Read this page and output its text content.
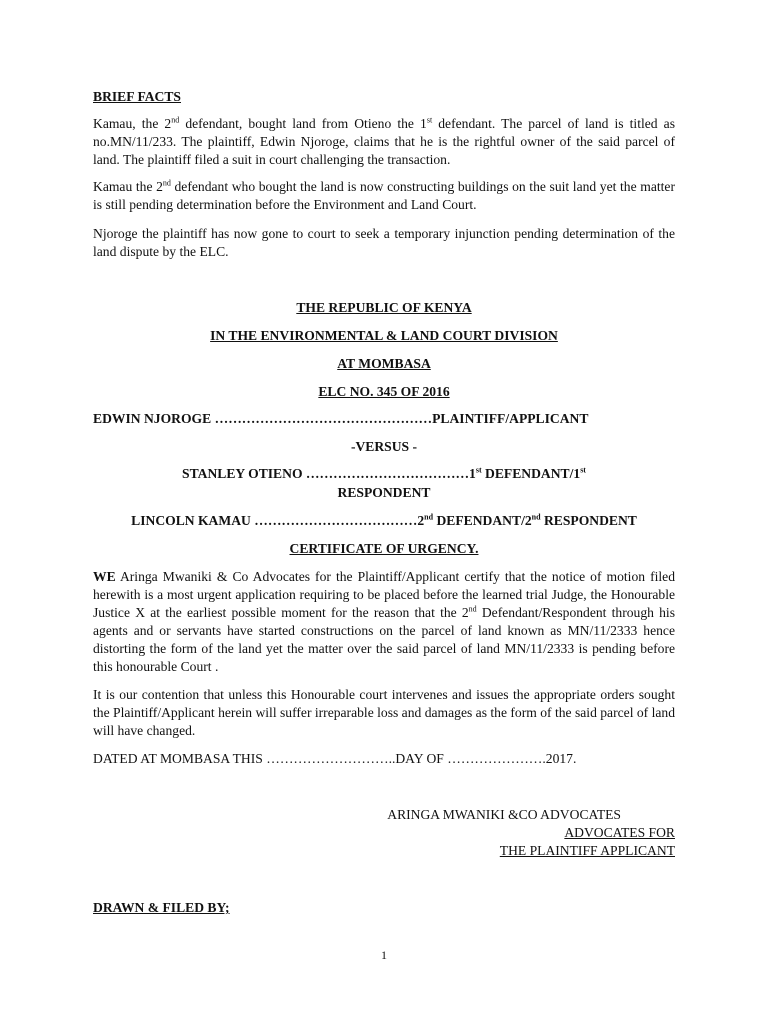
BRIEF FACTS
Kamau, the 2nd defendant, bought land from Otieno the 1st defendant. The parcel of land is titled as no.MN/11/233. The plaintiff, Edwin Njoroge, claims that he is the rightful owner of the said parcel of land. The plaintiff filed a suit in court challenging the transaction.
Kamau the 2nd defendant who bought the land is now constructing buildings on the suit land yet the matter is still pending determination before the Environment and Land Court.
Njoroge the plaintiff has now gone to court to seek a temporary injunction pending determination of the land dispute by the ELC.
THE REPUBLIC OF KENYA
IN THE ENVIRONMENTAL & LAND COURT DIVISION
AT MOMBASA
ELC NO. 345 OF 2016
EDWIN NJOROGE …………………………………………PLAINTIFF/APPLICANT
-VERSUS -
STANLEY OTIENO ………………………………1st DEFENDANT/1st
RESPONDENT
LINCOLN KAMAU ………………………………2nd DEFENDANT/2nd RESPONDENT
CERTIFICATE OF URGENCY.
WE Aringa Mwaniki & Co Advocates for the Plaintiff/Applicant certify that the notice of motion filed herewith is a most urgent application requiring to be placed before the learned trial Judge, the Honourable Justice X at the earliest possible moment for the reason that the 2nd Defendant/Respondent through his agents and or servants have started constructions on the parcel of land known as MN/11/2333 hence distorting the form of the land yet the matter over the said parcel of land MN/11/2333 is pending before this honourable Court .
It is our contention that unless this Honourable court intervenes and issues the appropriate orders sought the Plaintiff/Applicant herein will suffer irreparable loss and damages as the form of the said parcel of land will have changed.
DATED AT MOMBASA THIS ………………………..DAY OF ………………….2017.
ARINGA MWANIKI &CO ADVOCATES
ADVOCATES FOR
THE PLAINTIFF APPLICANT
DRAWN & FILED BY;
1
